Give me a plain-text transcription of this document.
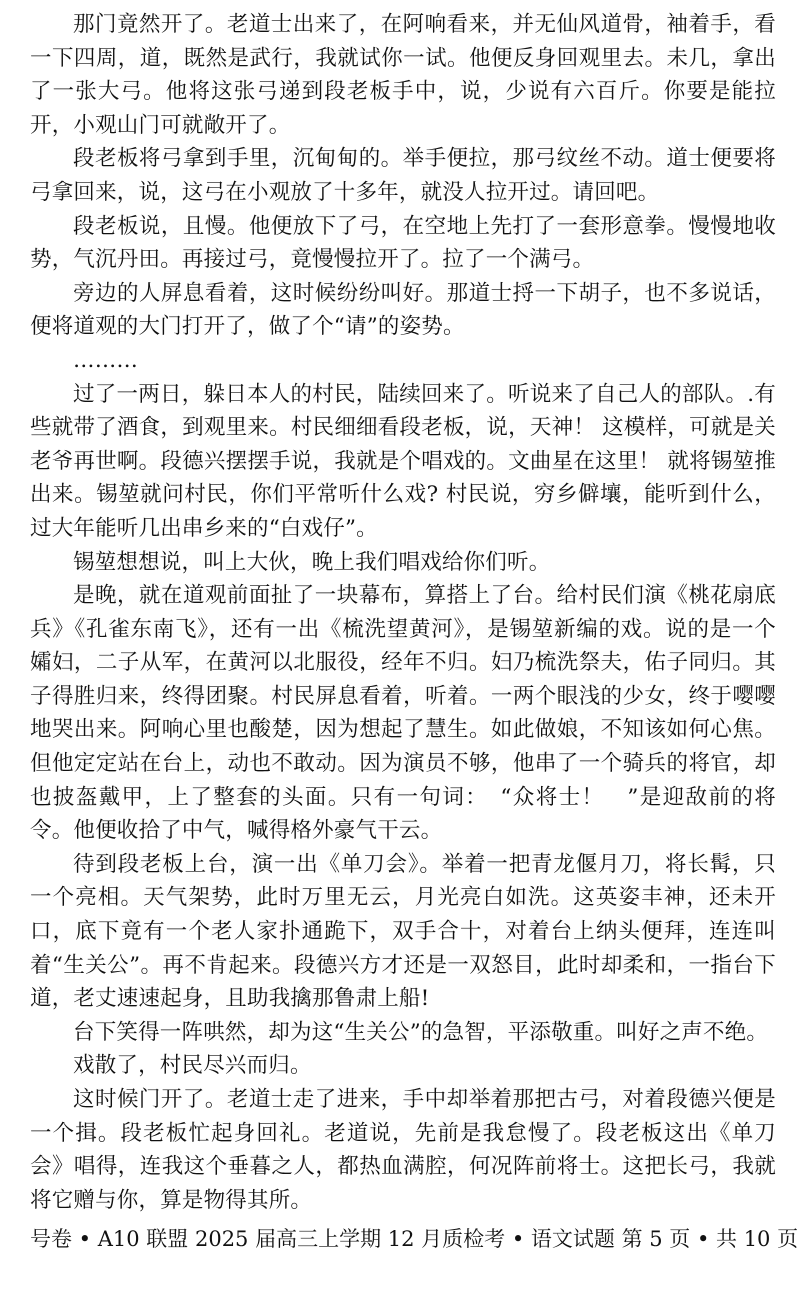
那门竟然开了。老道士出来了，在阿响看来，并无仙风道骨，袖着手，看一下四周，道，既然是武行，我就试你一试。他便反身回观里去。未几，拿出了一张大弓。他将这张弓递到段老板手中，说，少说有六百斤。你要是能拉开，小观山门可就敞开了。

段老板将弓拿到手里，沉甸甸的。举手便拉，那弓纹丝不动。道士便要将弓拿回来，说，这弓在小观放了十多年，就没人拉开过。请回吧。

段老板说，且慢。他便放下了弓，在空地上先打了一套形意拳。慢慢地收势，气沉丹田。再接过弓，竟慢慢拉开了。拉了一个满弓。

旁边的人屏息看着，这时候纷纷叫好。那道士捋一下胡子，也不多说话，便将道观的大门打开了，做了个“请”的姿势。

………

过了一两日，躲日本人的村民，陆续回来了。听说来了自己人的部队。.有些就带了酒食，到观里来。村民细细看段老板，说，天神！ 这模样，可就是关老爷再世啊。段德兴摆摆手说，我就是个唱戏的。文曲星在这里！ 就将锡堃推出来。锡堃就问村民，你们平常听什么戏? 村民说，穷乡僻壤，能听到什么，过大年能听几出串乡来的“白戏仔”。

锡堃想想说，叫上大伙，晚上我们唱戏给你们听。

是晚，就在道观前面扯了一块幕布，算搭上了台。给村民们演《桃花扇底兵》《孔雀东南飞》，还有一出《梳洗望黄河》，是锡堃新编的戏。说的是一个孀妇，二子从军，在黄河以北服役，经年不归。妇乃梳洗祭夫，佑子同归。其子得胜归来，终得团聚。村民屏息看着，听着。一两个眼浅的少女，终于嘤嘤地哭出来。阿响心里也酸楚，因为想起了慧生。如此做娘，不知该如何心焦。但他定定站在台上，动也不敢动。因为演员不够，他串了一个骑兵的将官，却也披盔戴甲，上了整套的头面。只有一句词：　“众将士！　”是迎敌前的将令。他便收拾了中气，喊得格外豪气干云。

待到段老板上台，演一出《单刀会》。举着一把青龙偃月刀，将长髯，只一个亮相。天气架势，此时万里无云，月光亮白如洗。这英姿丰神，还未开口，底下竟有一个老人家扑通跪下，双手合十，对着台上纳头便拜，连连叫着“生关公”。再不肯起来。段德兴方才还是一双怒目，此时却柔和，一指台下道，老丈速速起身，且助我擒那鲁肃上船!

台下笑得一阵哄然，却为这“生关公”的急智，平添敬重。叫好之声不绝。

戏散了，村民尽兴而归。

这时候门开了。老道士走了进来，手中却举着那把古弓，对着段德兴便是一个揖。段老板忙起身回礼。老道说，先前是我怠慢了。段老板这出《单刀会》唱得，连我这个垂暮之人，都热血满腔，何况阵前将士。这把长弓，我就将它赠与你，算是物得其所。

号卷 • A10 联盟 2025 届高三上学期 12 月质检考 • 语文试题 第 5 页 • 共 10 页
